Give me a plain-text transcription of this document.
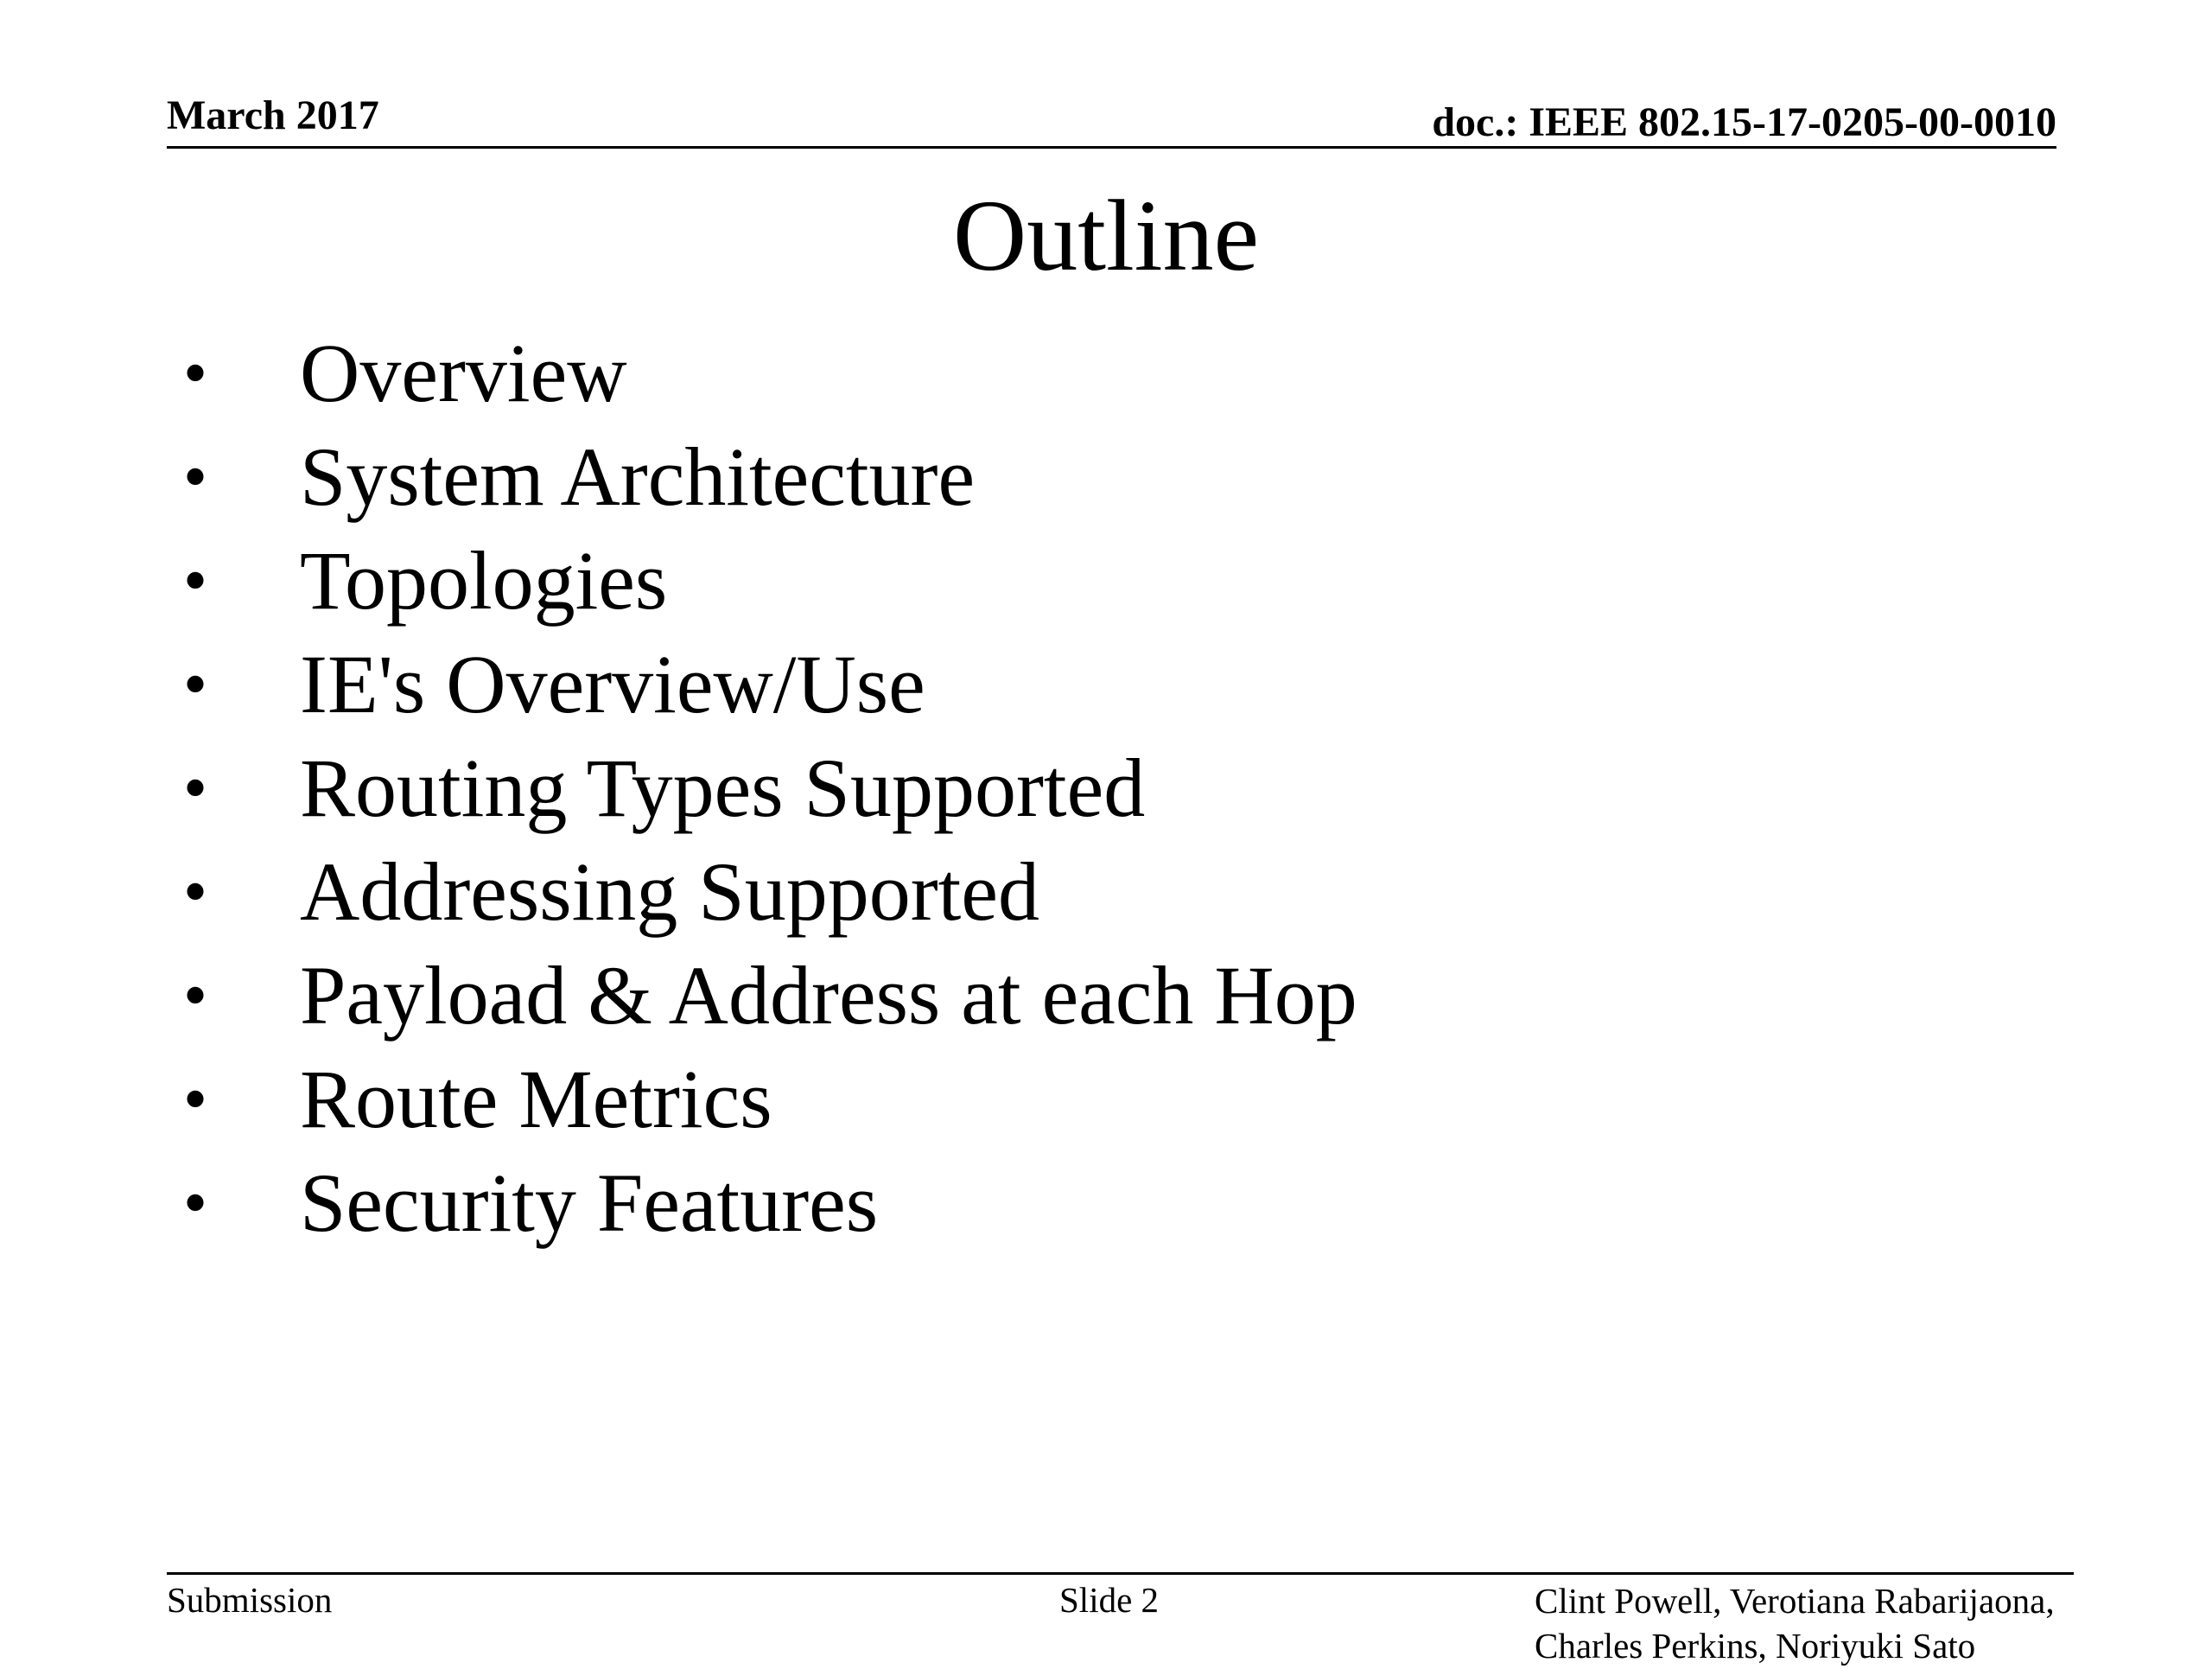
March 2017	doc.: IEEE 802.15-17-0205-00-0010
Outline
•	Overview
•	System Architecture
•	Topologies
•	IE's Overview/Use
•	Routing Types Supported
•	Addressing Supported
•	Payload & Address at each Hop
•	Route Metrics
•	Security Features
Submission	Slide 2	Clint Powell, Verotiana Rabarijaona,
Charles Perkins, Noriyuki Sato
